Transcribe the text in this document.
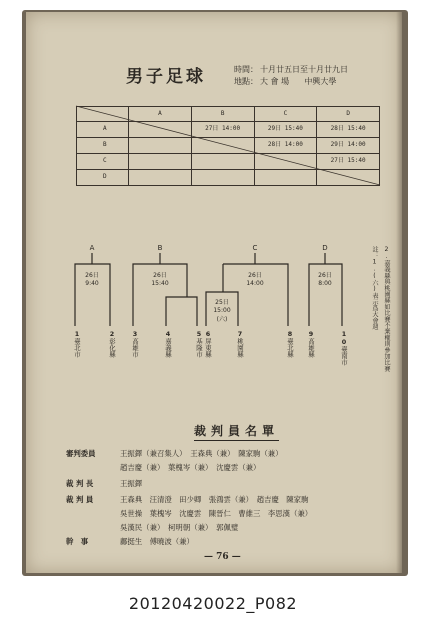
男子足球	時間： 十月廿五日至十月廿九日
地點： 大 會 場 中興大學
	A	B	C	D
A		27日 14:00	29日 15:40	28日 15:40
B			28日 14:00	29日 14:00
C				27日 15:40
D				
A	B	C	D
26日
9:40
26日
15:40
26日
14:00
25日
15:00
(六)
26日
8:00
1臺北市
2彰化縣
3高雄市
4嘉義縣
5基隆市
6屏東縣
7桃園縣
8臺北縣
9高雄縣	10臺南市
註：1.(六)表示爲大會週 2.嘉義縣與桃園縣如比賽不棄權則參加比賽
裁判員名單
審判委員	王振鐸（兼召集人）　王森典（兼）　陳家駒（兼）
趙吉慶（兼）　葉槐岑（兼）　沈慶雲（兼）
裁 判 長	王振鐸
裁 判 員	王森典　汪清澄　田少卿　張鴻雲（兼）　趙吉慶　陳家駒
吳世操　葉槐岑　沈慶雲　陳晉仁　曹維三　李思漢（兼）
吳漢民（兼）　柯明朝（兼）　郭佩璧
幹　事	鄺挺生　傅曉波（兼）
— 76 —
20120420022_P082
